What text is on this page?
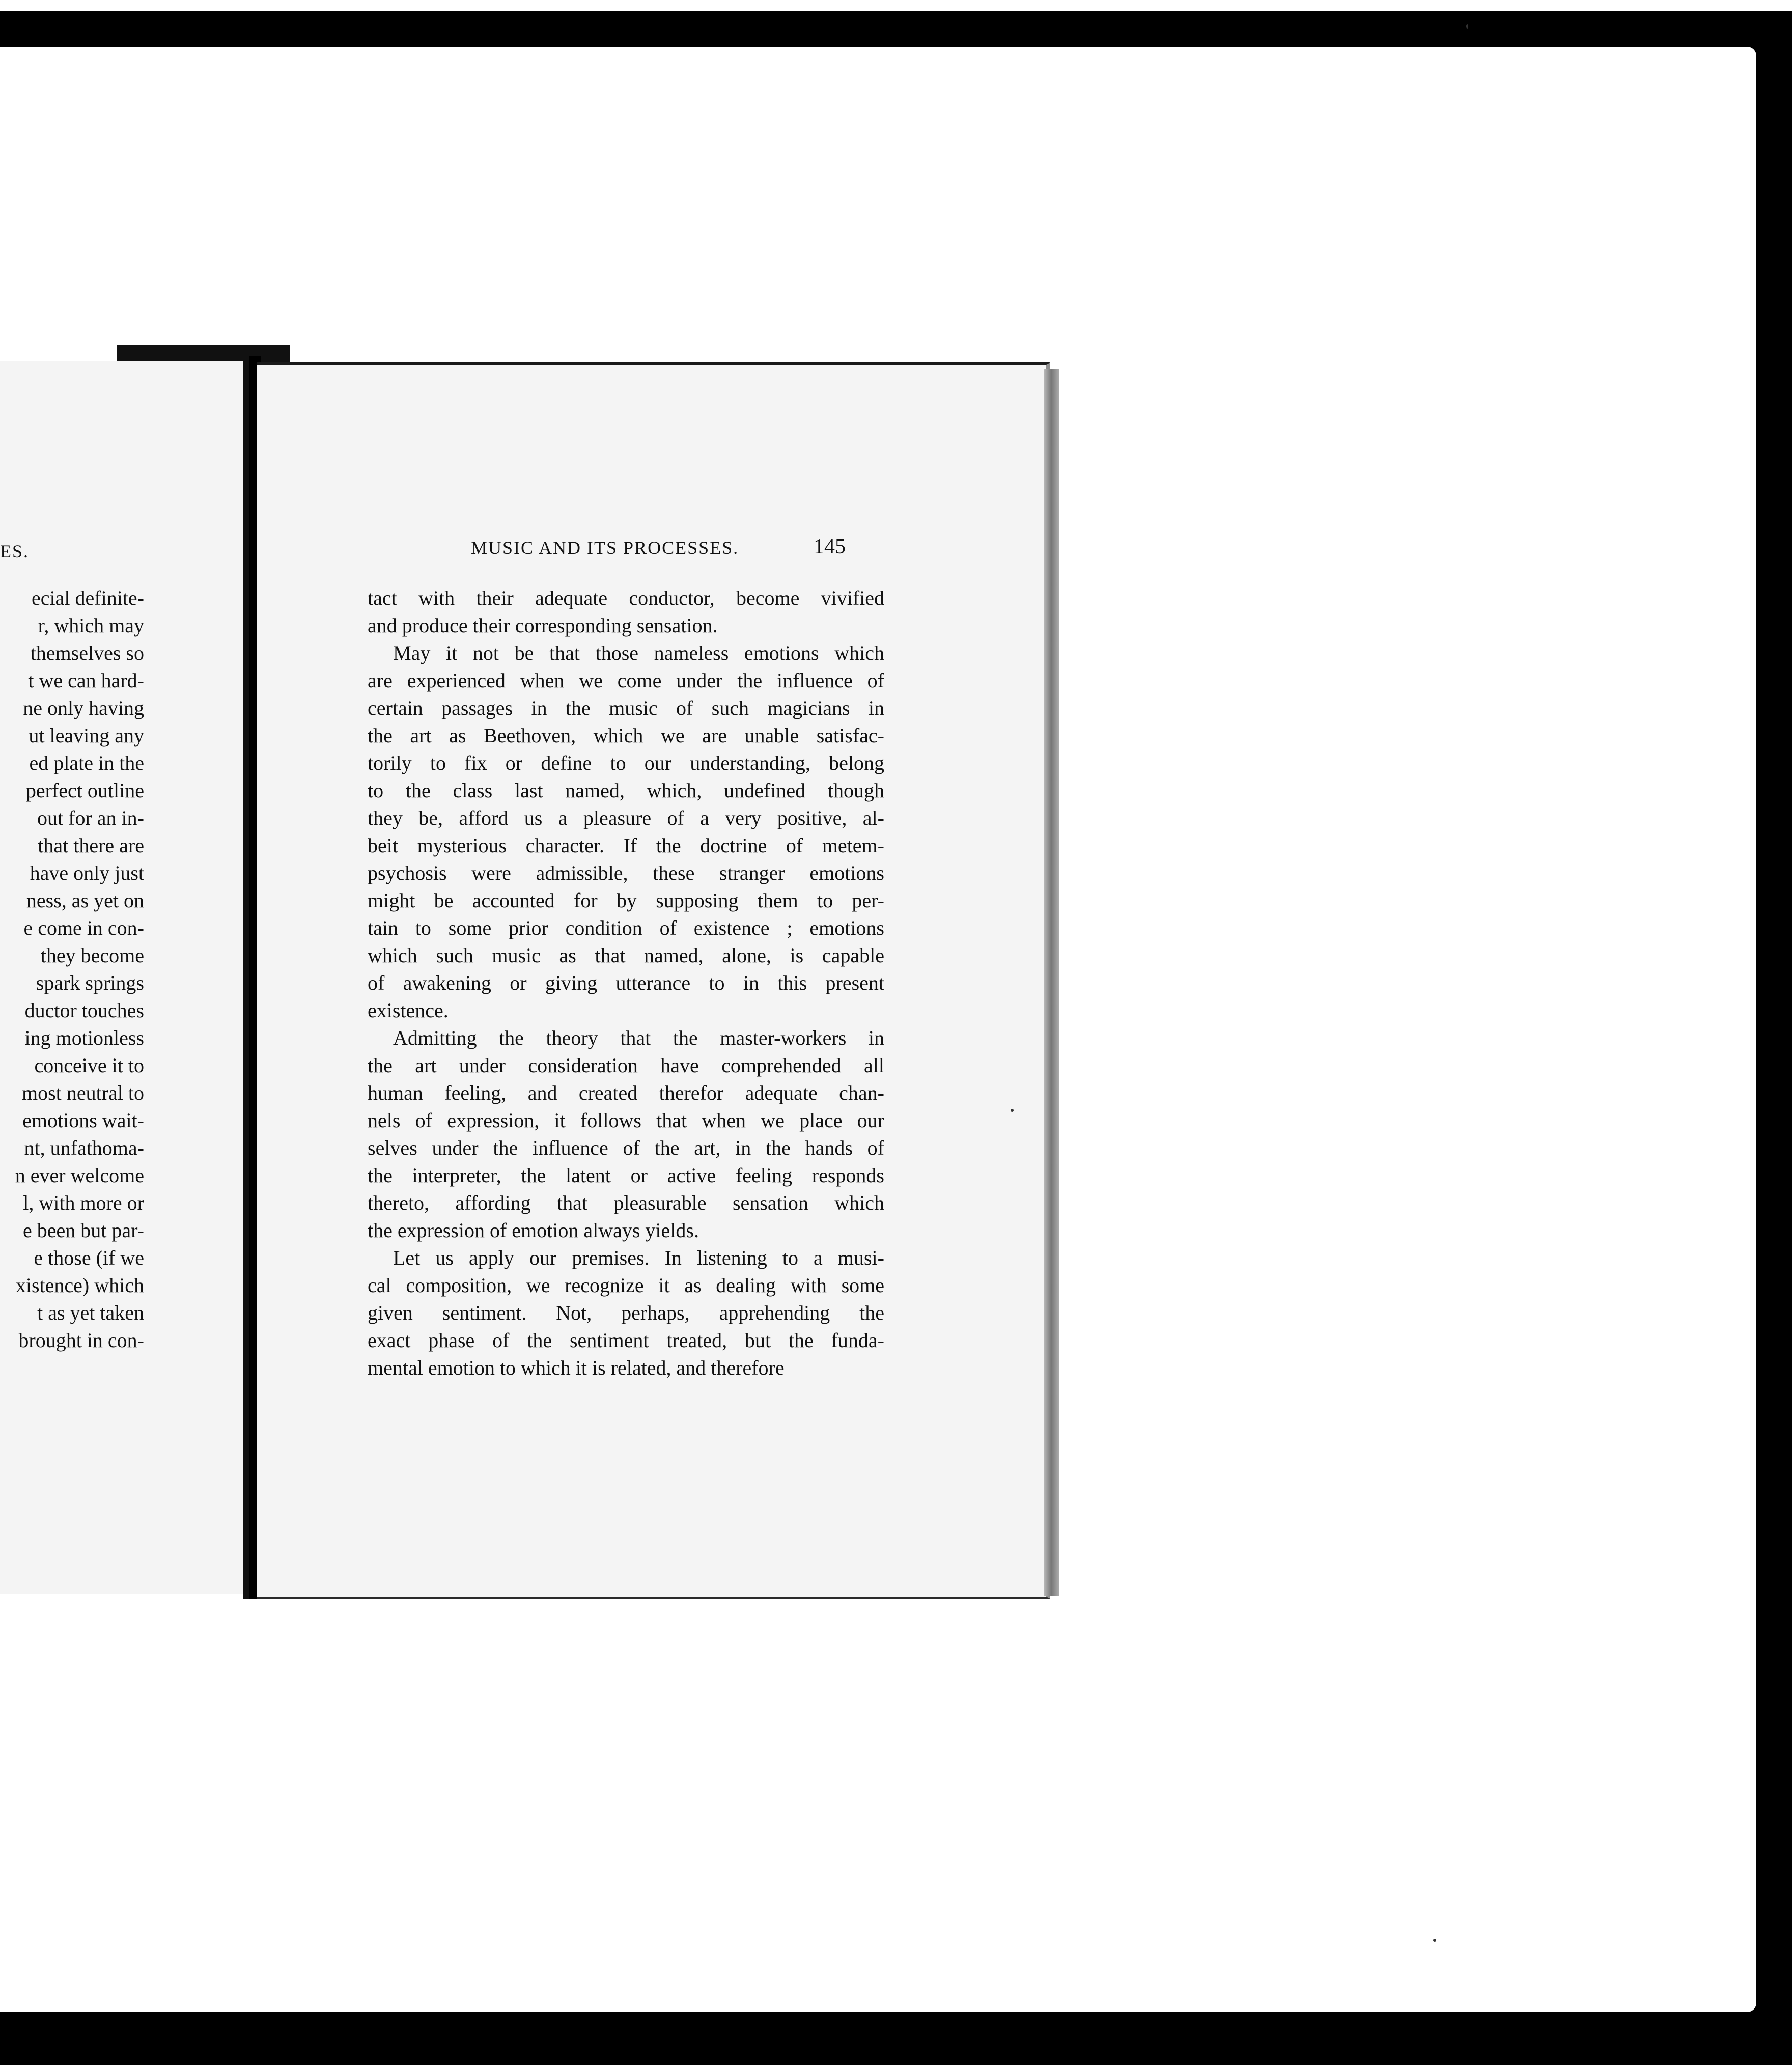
ES.
ecial definite-
r, which may
themselves so
t we can hard-
ne only having
ut leaving any
ed plate in the
perfect outline
out for an in-
that there are
have only just
ness, as yet on
e come in con-
they become
spark springs
ductor touches
ing motionless
conceive it to
most neutral to
emotions wait-
nt, unfathoma-
n ever welcome
l, with more or
e been but par-
e those (if we
xistence) which
t as yet taken
brought in con-
MUSIC AND ITS PROCESSES.	145
tact with their adequate conductor, become vivified
and produce their corresponding sensation.
May it not be that those nameless emotions which
are experienced when we come under the influence of
certain passages in the music of such magicians in
the art as Beethoven, which we are unable satisfac-
torily to fix or define to our understanding, belong
to the class last named, which, undefined though
they be, afford us a pleasure of a very positive, al-
beit mysterious character. If the doctrine of metem-
psychosis were admissible, these stranger emotions
might be accounted for by supposing them to per-
tain to some prior condition of existence ; emotions
which such music as that named, alone, is capable
of awakening or giving utterance to in this present
existence.
Admitting the theory that the master-workers in
the art under consideration have comprehended all
human feeling, and created therefor adequate chan-
nels of expression, it follows that when we place our
selves under the influence of the art, in the hands of
the interpreter, the latent or active feeling responds
thereto, affording that pleasurable sensation which
the expression of emotion always yields.
Let us apply our premises. In listening to a musi-
cal composition, we recognize it as dealing with some
given sentiment. Not, perhaps, apprehending the
exact phase of the sentiment treated, but the funda-
mental emotion to which it is related, and therefore
